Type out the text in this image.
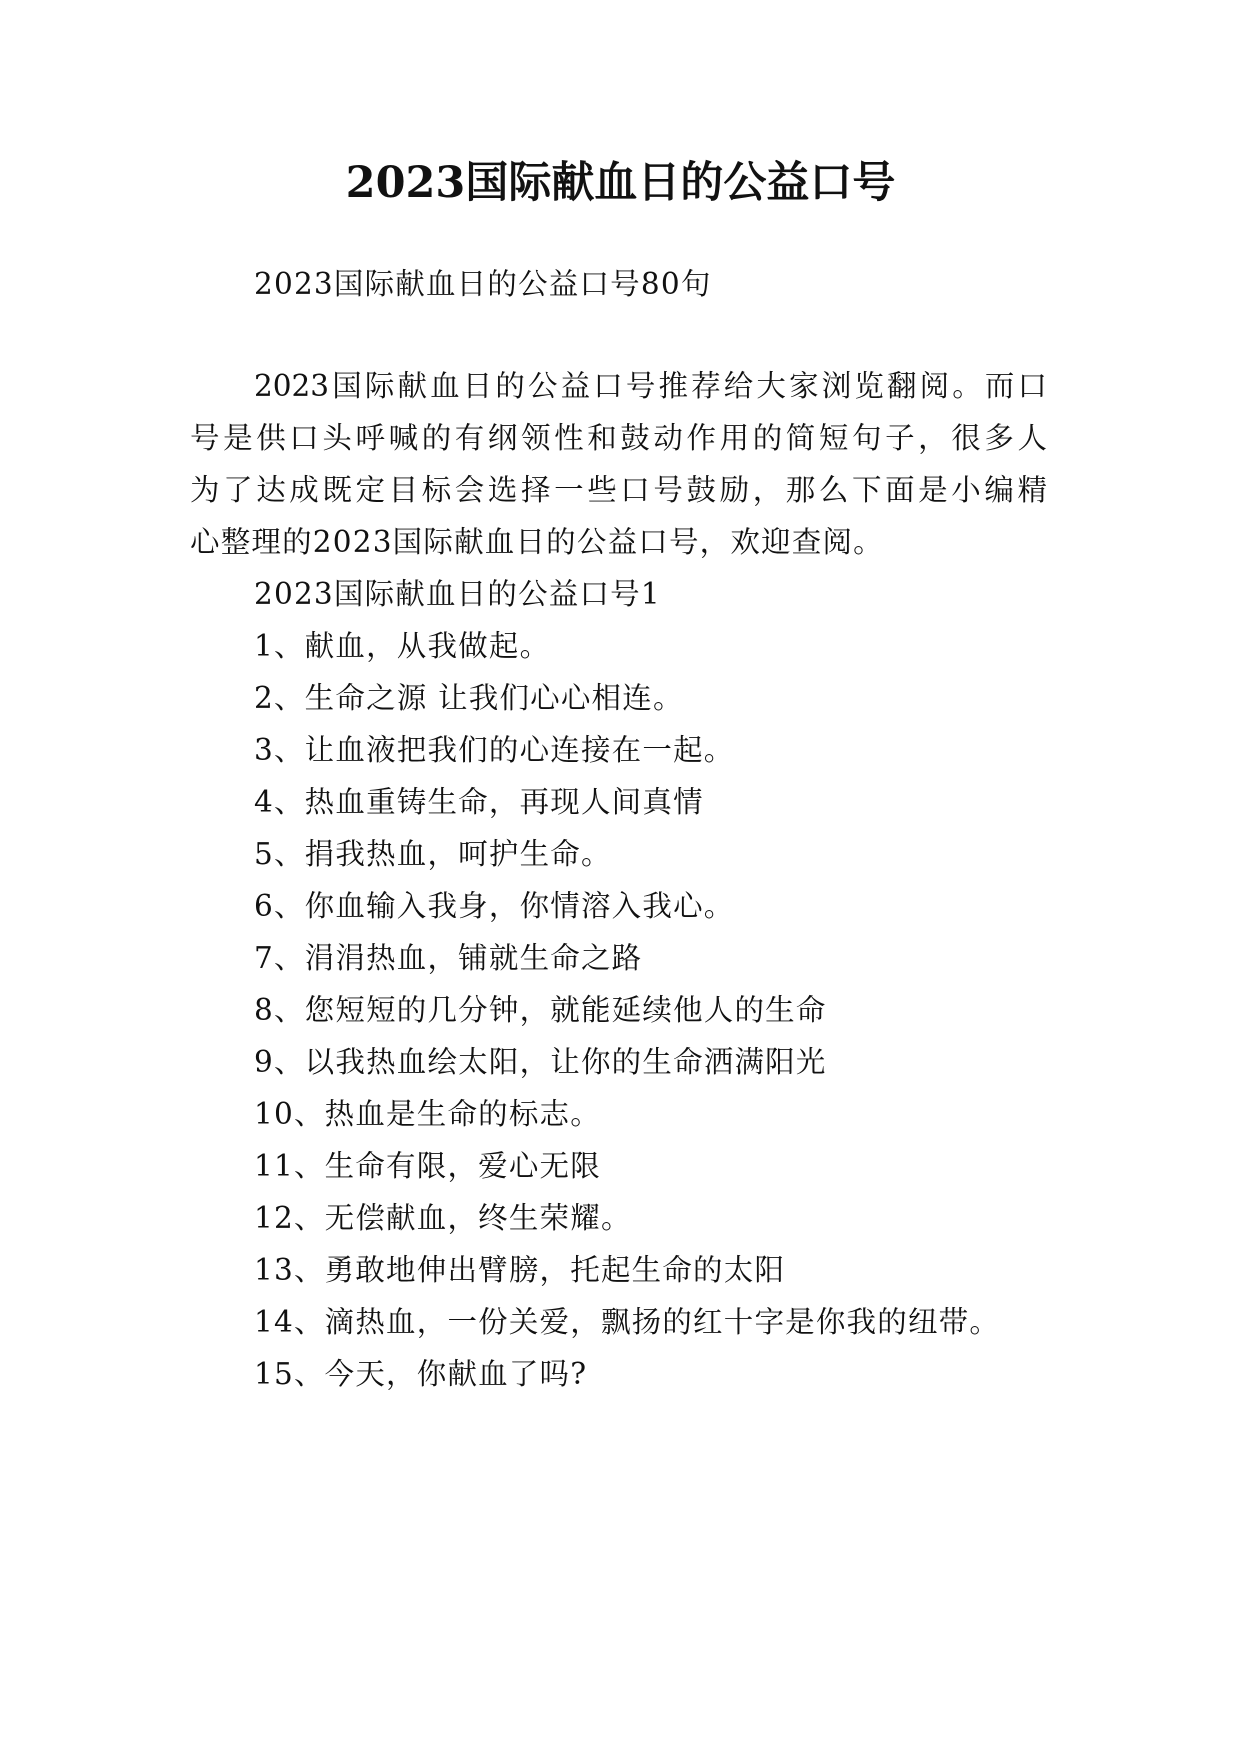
2023国际献血日的公益口号
2023国际献血日的公益口号80句
2023国际献血日的公益口号推荐给大家浏览翻阅。而口
号是供口头呼喊的有纲领性和鼓动作用的简短句子，很多人
为了达成既定目标会选择一些口号鼓励，那么下面是小编精
心整理的2023国际献血日的公益口号，欢迎查阅。
2023国际献血日的公益口号1
1、献血，从我做起。
2、生命之源 让我们心心相连。
3、让血液把我们的心连接在一起。
4、热血重铸生命，再现人间真情
5、捐我热血，呵护生命。
6、你血输入我身，你情溶入我心。
7、涓涓热血，铺就生命之路
8、您短短的几分钟，就能延续他人的生命
9、以我热血绘太阳，让你的生命洒满阳光
10、热血是生命的标志。
11、生命有限，爱心无限
12、无偿献血，终生荣耀。
13、勇敢地伸出臂膀，托起生命的太阳
14、滴热血，一份关爱，飘扬的红十字是你我的纽带。
15、今天，你献血了吗?
